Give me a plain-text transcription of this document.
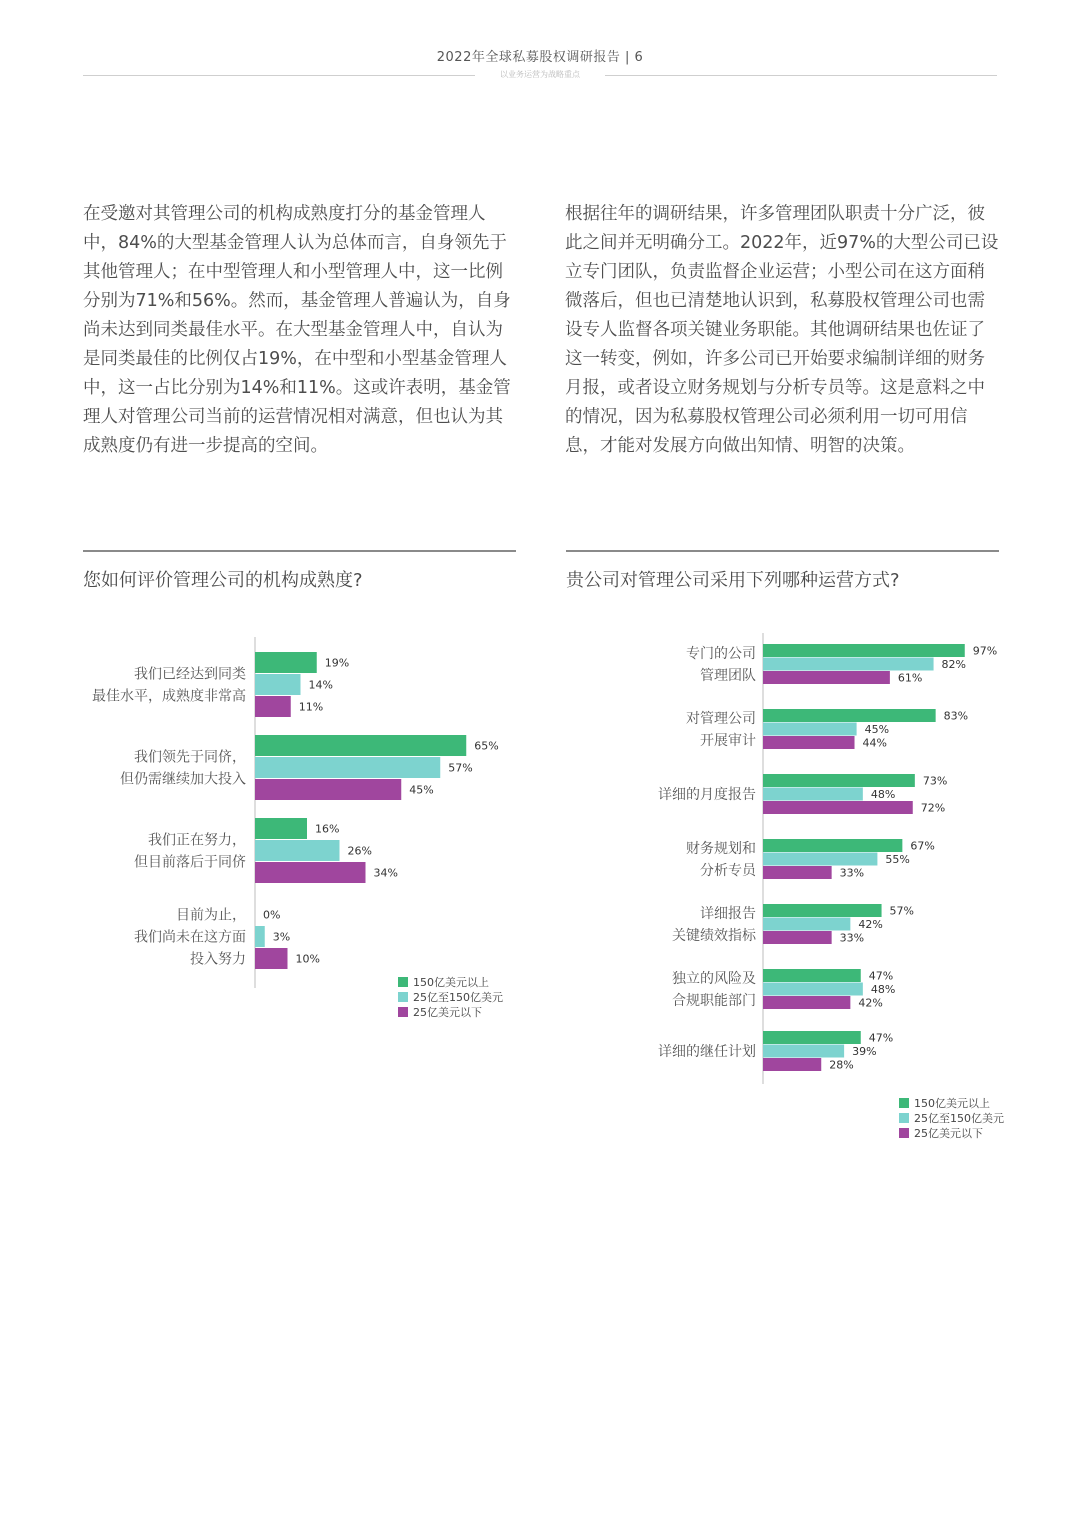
2022年全球私募股权调研报告 | 6
以业务运营为战略重点

在受邀对其管理公司的机构成熟度打分的基金管理人中，84%的大型基金管理人认为总体而言，自身领先于其他管理人；在中型管理人和小型管理人中，这一比例分别为71%和56%。然而，基金管理人普遍认为，自身尚未达到同类最佳水平。在大型基金管理人中，自认为是同类最佳的比例仅占19%，在中型和小型基金管理人中，这一占比分别为14%和11%。这或许表明，基金管理人对管理公司当前的运营情况相对满意，但也认为其成熟度仍有进一步提高的空间。

根据往年的调研结果，许多管理团队职责十分广泛，彼此之间并无明确分工。2022年，近97%的大型公司已设立专门团队，负责监督企业运营；小型公司在这方面稍微落后，但也已清楚地认识到，私募股权管理公司也需设专人监督各项关键业务职能。其他调研结果也佐证了这一转变，例如，许多公司已开始要求编制详细的财务月报，或者设立财务规划与分析专员等。这是意料之中的情况，因为私募股权管理公司必须利用一切可用信息，才能对发展方向做出知情、明智的决策。

您如何评价管理公司的机构成熟度?	贵公司对管理公司采用下列哪种运营方式?
我们已经达到同类
最佳水平，成熟度非常高
19%
14%
11%
我们领先于同侪，
但仍需继续加大投入
65%
57%
45%
我们正在努力，
但目前落后于同侪
16%
26%
34%
目前为止，
我们尚未在这方面
投入努力
0%
3%
10%
150亿美元以上
25亿至150亿美元
25亿美元以下
专门的公司
管理团队
97%
82%
61%
对管理公司
开展审计
83%
45%
44%
详细的月度报告
73%
48%
72%
财务规划和
分析专员
67%
55%
33%
详细报告
关键绩效指标
57%
42%
33%
独立的风险及
合规职能部门
47%
48%
42%
详细的继任计划
47%
39%
28%
150亿美元以上
25亿至150亿美元
25亿美元以下
